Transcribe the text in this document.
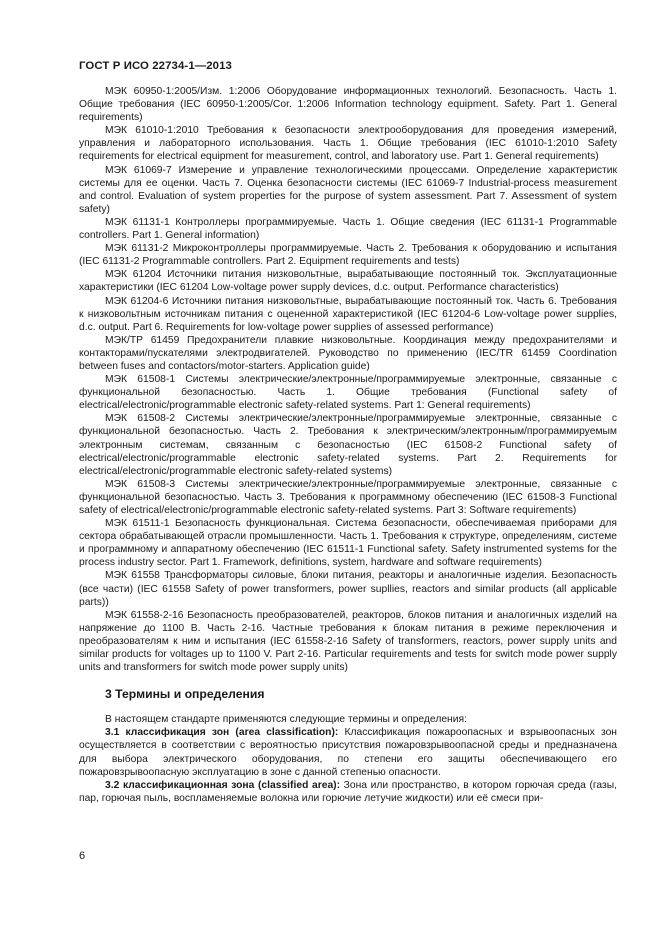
ГОСТ Р ИСО 22734-1—2013

МЭК 60950-1:2005/Изм. 1:2006 Оборудование информационных технологий. Безопасность. Часть 1. Общие требования (IEC 60950-1:2005/Cor. 1:2006 Information technology equipment. Safety. Part 1. General requirements)

МЭК 61010-1:2010 Требования к безопасности электрооборудования для проведения измерений, управления и лабораторного использования. Часть 1. Общие требования (IEC 61010-1:2010 Safety requirements for electrical equipment for measurement, control, and laboratory use. Part 1. General requirements)

МЭК 61069-7 Измерение и управление технологическими процессами. Определение характеристик системы для ее оценки. Часть 7. Оценка безопасности системы (IEC 61069-7 Industrial-process measurement and control. Evaluation of system properties for the purpose of system assessment. Part 7. Assessment of system safety)

МЭК 61131-1 Контроллеры программируемые. Часть 1. Общие сведения (IEC 61131-1 Programmable controllers. Part 1. General information)

МЭК 61131-2 Микроконтроллеры программируемые. Часть 2. Требования к оборудованию и испытания (IEC 61131-2 Programmable controllers. Part 2. Equipment requirements and tests)

МЭК 61204 Источники питания низковольтные, вырабатывающие постоянный ток. Эксплуатационные характеристики (IEC 61204 Low-voltage power supply devices, d.c. output. Performance characteristics)

МЭК 61204-6 Источники питания низковольтные, вырабатывающие постоянный ток. Часть 6. Требования к низковольтным источникам питания с оцененной характеристикой (IEC 61204-6 Low-voltage power supplies, d.c. output. Part 6. Requirements for low-voltage power supplies of assessed performance)

МЭК/ТР 61459 Предохранители плавкие низковольтные. Координация между предохранителями и контакторами/пускателями электродвигателей. Руководство по применению (IEC/TR 61459 Coordination between fuses and contactors/motor-starters. Application guide)

МЭК 61508-1 Системы электрические/электронные/программируемые электронные, связанные с функциональной безопасностью. Часть 1. Общие требования (Functional safety of electrical/electronic/programmable electronic safety-related systems. Part 1: General requirements)

МЭК 61508-2 Системы электрические/электронные/программируемые электронные, связанные с функциональной безопасностью. Часть 2. Требования к электрическим/электронным/программируемым электронным системам, связанным с безопасностью (IEC 61508-2 Functional safety of electrical/electronic/programmable electronic safety-related systems. Part 2. Requirements for electrical/electronic/programmable electronic safety-related systems)

МЭК 61508-3 Системы электрические/электронные/программируемые электронные, связанные с функциональной безопасностью. Часть 3. Требования к программному обеспечению (IEC 61508-3 Functional safety of electrical/electronic/programmable electronic safety-related systems. Part 3: Software requirements)

МЭК 61511-1 Безопасность функциональная. Система безопасности, обеспечиваемая приборами для сектора обрабатывающей отрасли промышленности. Часть 1. Требования к структуре, определениям, системе и программному и аппаратному обеспечению (IEC 61511-1 Functional safety. Safety instrumented systems for the process industry sector. Part 1. Framework, definitions, system, hardware and software requirements)

МЭК 61558 Трансформаторы силовые, блоки питания, реакторы и аналогичные изделия. Безопасность (все части) (IEC 61558 Safety of power transformers, power supllies, reactors and similar products (all applicable parts))

МЭК 61558-2-16 Безопасность преобразователей, реакторов, блоков питания и аналогичных изделий на напряжение до 1100 В. Часть 2-16. Частные требования к блокам питания в режиме переключения и преобразователям к ним и испытания (IEC 61558-2-16 Safety of transformers, reactors, power supply units and similar products for voltages up to 1100 V. Part 2-16. Particular requirements and tests for switch mode power supply units and transformers for switch mode power supply units)

3 Термины и определения

В настоящем стандарте применяются следующие термины и определения:

3.1 классификация зон (area classification): Классификация пожароопасных и взрывоопасных зон осуществляется в соответствии с вероятностью присутствия пожаровзрывоопасной среды и предназначена для выбора электрического оборудования, по степени его защиты обеспечивающего его пожаровзрывоопасную эксплуатацию в зоне с данной степенью опасности.

3.2 классификационная зона (classified area): Зона или пространство, в котором горючая среда (газы, пар, горючая пыль, воспламеняемые волокна или горючие летучие жидкости) или её смеси при-

6
